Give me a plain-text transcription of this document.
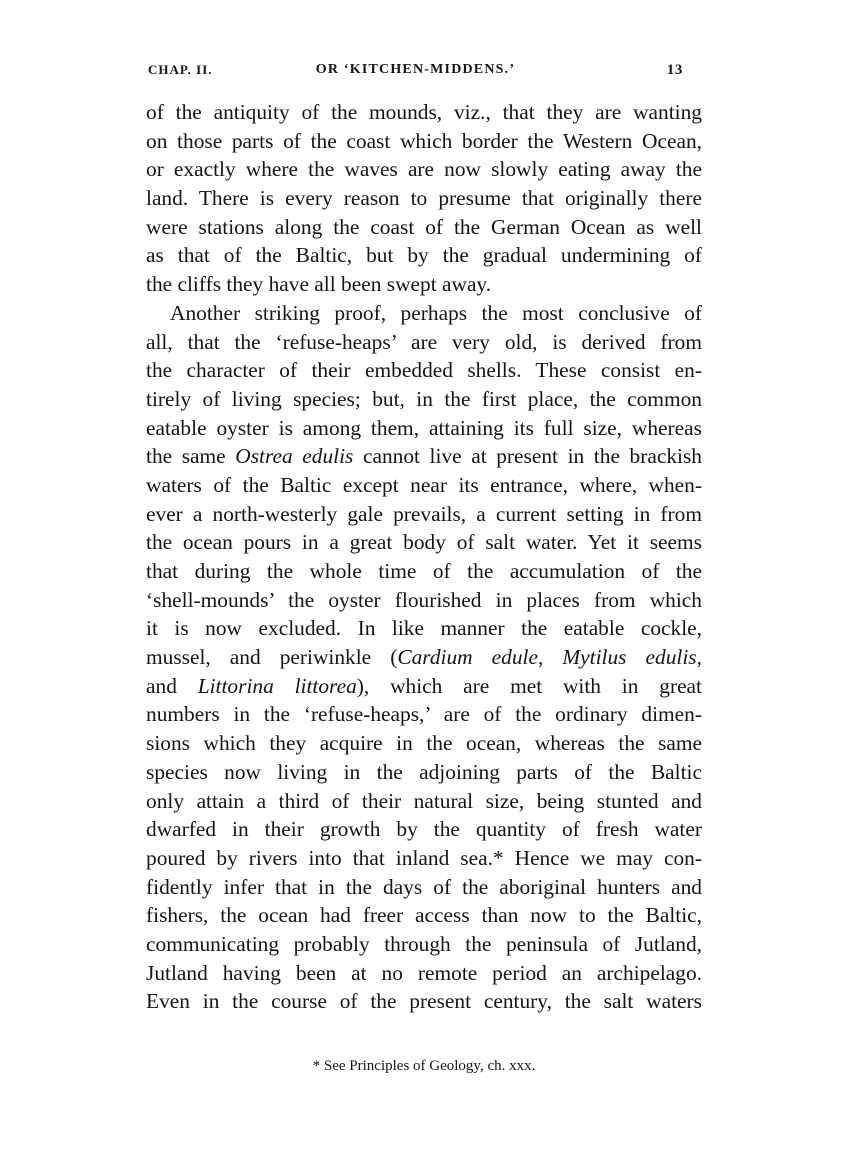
CHAP. II.	OR ‘KITCHEN-MIDDENS.’	13
of the antiquity of the mounds, viz., that they are wanting
on those parts of the coast which border the Western Ocean,
or exactly where the waves are now slowly eating away the
land. There is every reason to presume that originally there
were stations along the coast of the German Ocean as well
as that of the Baltic, but by the gradual undermining of
the cliffs they have all been swept away.
Another striking proof, perhaps the most conclusive of
all, that the ‘refuse-heaps’ are very old, is derived from
the character of their embedded shells. These consist en-
tirely of living species; but, in the first place, the common
eatable oyster is among them, attaining its full size, whereas
the same Ostrea edulis cannot live at present in the brackish
waters of the Baltic except near its entrance, where, when-
ever a north-westerly gale prevails, a current setting in from
the ocean pours in a great body of salt water. Yet it seems
that during the whole time of the accumulation of the
‘shell-mounds’ the oyster flourished in places from which
it is now excluded. In like manner the eatable cockle,
mussel, and periwinkle (Cardium edule, Mytilus edulis,
and Littorina littorea), which are met with in great
numbers in the ‘refuse-heaps,’ are of the ordinary dimen-
sions which they acquire in the ocean, whereas the same
species now living in the adjoining parts of the Baltic
only attain a third of their natural size, being stunted and
dwarfed in their growth by the quantity of fresh water
poured by rivers into that inland sea.* Hence we may con-
fidently infer that in the days of the aboriginal hunters and
fishers, the ocean had freer access than now to the Baltic,
communicating probably through the peninsula of Jutland,
Jutland having been at no remote period an archipelago.
Even in the course of the present century, the salt waters
* See Principles of Geology, ch. xxx.
